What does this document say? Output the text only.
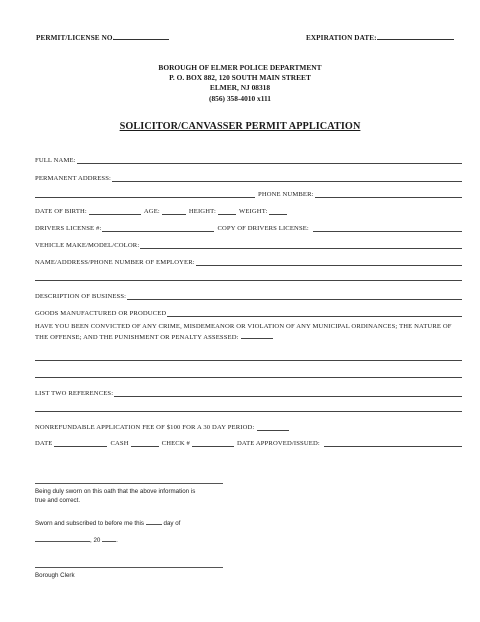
PERMIT/LICENSE NO.	EXPIRATION DATE:
BOROUGH OF ELMER POLICE DEPARTMENT
P. O. BOX 882, 120 SOUTH MAIN STREET
ELMER, NJ 08318
(856) 358-4010 x111
SOLICITOR/CANVASSER PERMIT APPLICATION
FULL NAME:
PERMANENT ADDRESS:
PHONE NUMBER:
DATE OF BIRTH:	AGE:	HEIGHT:	WEIGHT:
DRIVERS LICENSE #:	COPY OF DRIVERS LICENSE:
VEHICLE MAKE/MODEL/COLOR:
NAME/ADDRESS/PHONE NUMBER OF EMPLOYER:
DESCRIPTION OF BUSINESS:
GOODS MANUFACTURED OR PRODUCED
HAVE YOU BEEN CONVICTED OF ANY CRIME, MISDEMEANOR OR VIOLATION OF ANY MUNICIPAL ORDINANCES; THE NATURE OF THE OFFENSE; AND THE PUNISHMENT OR PENALTY ASSESSED:
LIST TWO REFERENCES:
NONREFUNDABLE APPLICATION FEE OF $100 FOR A 30 DAY PERIOD:
DATE	CASH	CHECK #	DATE APPROVED/ISSUED:
Being duly sworn on this oath that the above information is
true and correct.
Sworn and subscribed to before me this	day of
, 20	.
Borough Clerk
